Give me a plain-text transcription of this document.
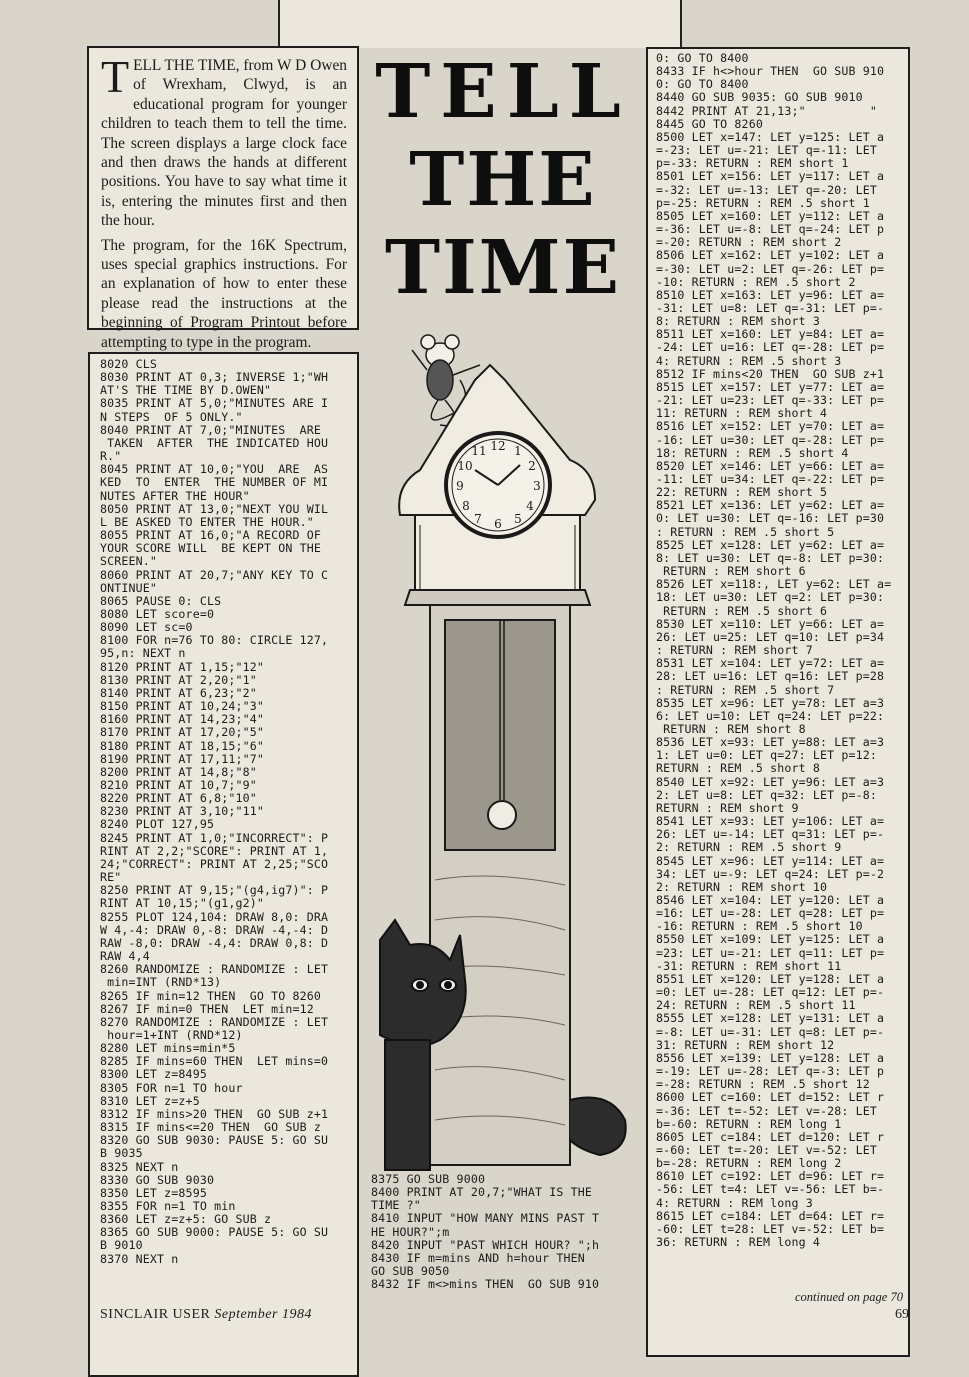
TELL THE TIME, from W D Owen of Wrexham, Clwyd, is an educational program for younger children to teach them to tell the time. The screen displays a large clock face and then draws the hands at different positions. You have to say what time it is, entering the minutes first and then the hour.

The program, for the 16K Spectrum, uses special graphics instructions. For an explanation of how to enter these please read the instructions at the beginning of Program Printout before attempting to type in the program.

TELL
THE
TIME
12 1
2
3
4
5
6
7
8
9
10
11
8020 CLS
8030 PRINT AT 0,3; INVERSE 1;"WH
AT'S THE TIME BY D.OWEN"
8035 PRINT AT 5,0;"MINUTES ARE I
N STEPS  OF 5 ONLY."
8040 PRINT AT 7,0;"MINUTES  ARE
TAKEN  AFTER  THE INDICATED HOU
R."
8045 PRINT AT 10,0;"YOU  ARE  AS
KED  TO  ENTER  THE NUMBER OF MI
NUTES AFTER THE HOUR"
8050 PRINT AT 13,0;"NEXT YOU WIL
L BE ASKED TO ENTER THE HOUR."
8055 PRINT AT 16,0;"A RECORD OF
YOUR SCORE WILL  BE KEPT ON THE
SCREEN."
8060 PRINT AT 20,7;"ANY KEY TO C
ONTINUE"
8065 PAUSE 0: CLS
8080 LET score=0
8090 LET sc=0
8100 FOR n=76 TO 80: CIRCLE 127,
95,n: NEXT n
8120 PRINT AT 1,15;"12"
8130 PRINT AT 2,20;"1"
8140 PRINT AT 6,23;"2"
8150 PRINT AT 10,24;"3"
8160 PRINT AT 14,23;"4"
8170 PRINT AT 17,20;"5"
8180 PRINT AT 18,15;"6"
8190 PRINT AT 17,11;"7"
8200 PRINT AT 14,8;"8"
8210 PRINT AT 10,7;"9"
8220 PRINT AT 6,8;"10"
8230 PRINT AT 3,10;"11"
8240 PLOT 127,95
8245 PRINT AT 1,0;"INCORRECT": P
RINT AT 2,2;"SCORE": PRINT AT 1,
24;"CORRECT": PRINT AT 2,25;"SCO
RE"
8250 PRINT AT 9,15;"(g4,ig7)": P
RINT AT 10,15;"(g1,g2)"
8255 PLOT 124,104: DRAW 8,0: DRA
W 4,-4: DRAW 0,-8: DRAW -4,-4: D
RAW -8,0: DRAW -4,4: DRAW 0,8: D
RAW 4,4
8260 RANDOMIZE : RANDOMIZE : LET
min=INT (RND*13)
8265 IF min=12 THEN  GO TO 8260
8267 IF min=0 THEN  LET min=12
8270 RANDOMIZE : RANDOMIZE : LET
hour=1+INT (RND*12)
8280 LET mins=min*5
8285 IF mins=60 THEN  LET mins=0
8300 LET z=8495
8305 FOR n=1 TO hour
8310 LET z=z+5
8312 IF mins>20 THEN  GO SUB z+1
8315 IF mins<=20 THEN  GO SUB z
8320 GO SUB 9030: PAUSE 5: GO SU
B 9035
8325 NEXT n
8330 GO SUB 9030
8350 LET z=8595
8355 FOR n=1 TO min
8360 LET z=z+5: GO SUB z
8365 GO SUB 9000: PAUSE 5: GO SU
B 9010
8370 NEXT n
8375 GO SUB 9000
8400 PRINT AT 20,7;"WHAT IS THE
TIME ?"
8410 INPUT "HOW MANY MINS PAST T
HE HOUR?";m
8420 INPUT "PAST WHICH HOUR? ";h
8430 IF m=mins AND h=hour THEN
GO SUB 9050
8432 IF m<>mins THEN  GO SUB 910
0: GO TO 8400
8433 IF h<>hour THEN  GO SUB 910
0: GO TO 8400
8440 GO SUB 9035: GO SUB 9010
8442 PRINT AT 21,13;"         "
8445 GO TO 8260
8500 LET x=147: LET y=125: LET a
=-23: LET u=-21: LET q=-11: LET
p=-33: RETURN : REM short 1
8501 LET x=156: LET y=117: LET a
=-32: LET u=-13: LET q=-20: LET
p=-25: RETURN : REM .5 short 1
8505 LET x=160: LET y=112: LET a
=-36: LET u=-8: LET q=-24: LET p
=-20: RETURN : REM short 2
8506 LET x=162: LET y=102: LET a
=-30: LET u=2: LET q=-26: LET p=
-10: RETURN : REM .5 short 2
8510 LET x=163: LET y=96: LET a=
-31: LET u=8: LET q=-31: LET p=-
8: RETURN : REM short 3
8511 LET x=160: LET y=84: LET a=
-24: LET u=16: LET q=-28: LET p=
4: RETURN : REM .5 short 3
8512 IF mins<20 THEN  GO SUB z+1
8515 LET x=157: LET y=77: LET a=
-21: LET u=23: LET q=-33: LET p=
11: RETURN : REM short 4
8516 LET x=152: LET y=70: LET a=
-16: LET u=30: LET q=-28: LET p=
18: RETURN : REM .5 short 4
8520 LET x=146: LET y=66: LET a=
-11: LET u=34: LET q=-22: LET p=
22: RETURN : REM short 5
8521 LET x=136: LET y=62: LET a=
0: LET u=30: LET q=-16: LET p=30
: RETURN : REM .5 short 5
8525 LET x=128: LET y=62: LET a=
8: LET u=30: LET q=-8: LET p=30:
RETURN : REM short 6
8526 LET x=118:, LET y=62: LET a=
18: LET u=30: LET q=2: LET p=30:
RETURN : REM .5 short 6
8530 LET x=110: LET y=66: LET a=
26: LET u=25: LET q=10: LET p=34
: RETURN : REM short 7
8531 LET x=104: LET y=72: LET a=
28: LET u=16: LET q=16: LET p=28
: RETURN : REM .5 short 7
8535 LET x=96: LET y=78: LET a=3
6: LET u=10: LET q=24: LET p=22:
RETURN : REM short 8
8536 LET x=93: LET y=88: LET a=3
1: LET u=0: LET q=27: LET p=12:
RETURN : REM .5 short 8
8540 LET x=92: LET y=96: LET a=3
2: LET u=8: LET q=32: LET p=-8:
RETURN : REM short 9
8541 LET x=93: LET y=106: LET a=
26: LET u=-14: LET q=31: LET p=-
2: RETURN : REM .5 short 9
8545 LET x=96: LET y=114: LET a=
34: LET u=-9: LET q=24: LET p=-2
2: RETURN : REM short 10
8546 LET x=104: LET y=120: LET a
=16: LET u=-28: LET q=28: LET p=
-16: RETURN : REM .5 short 10
8550 LET x=109: LET y=125: LET a
=23: LET u=-21: LET q=11: LET p=
-31: RETURN : REM short 11
8551 LET x=120: LET y=128: LET a
=0: LET u=-28: LET q=12: LET p=-
24: RETURN : REM .5 short 11
8555 LET x=128: LET y=131: LET a
=-8: LET u=-31: LET q=8: LET p=-
31: RETURN : REM short 12
8556 LET x=139: LET y=128: LET a
=-19: LET u=-28: LET q=-3: LET p
=-28: RETURN : REM .5 short 12
8600 LET c=160: LET d=152: LET r
=-36: LET t=-52: LET v=-28: LET
b=-60: RETURN : REM long 1
8605 LET c=184: LET d=120: LET r
=-60: LET t=-20: LET v=-52: LET
b=-28: RETURN : REM long 2
8610 LET c=192: LET d=96: LET r=
-56: LET t=4: LET v=-56: LET b=-
4: RETURN : REM long 3
8615 LET c=184: LET d=64: LET r=
-60: LET t=28: LET v=-52: LET b=
36: RETURN : REM long 4
continued on page 70
SINCLAIR USER September 1984	69
